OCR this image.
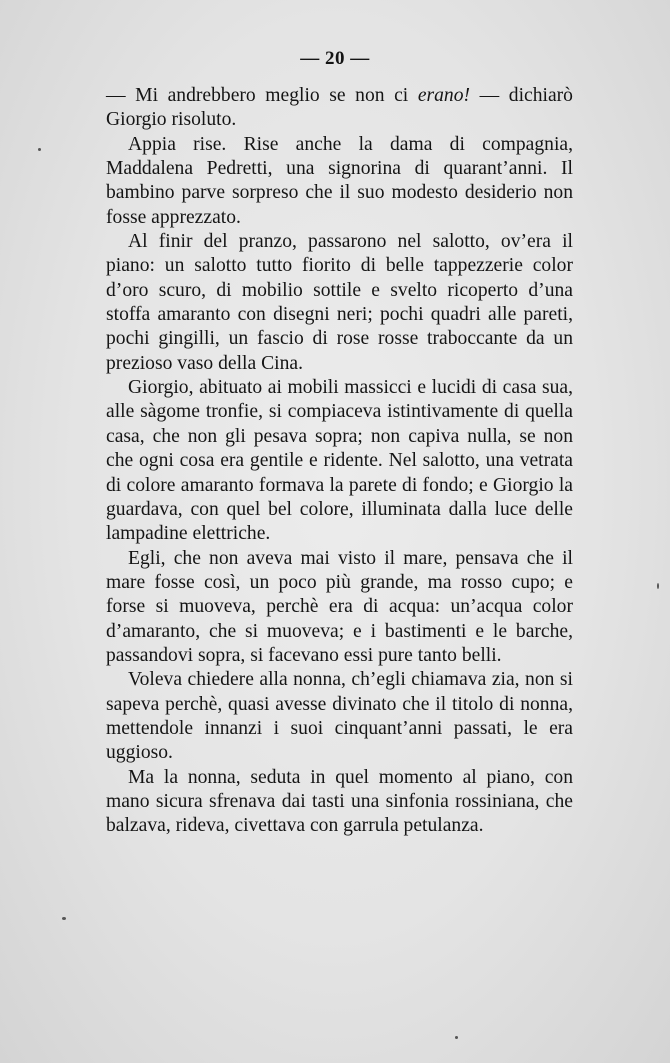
— 20 —

— Mi andrebbero meglio se non ci erano! — dichiarò Giorgio risoluto.

Appia rise. Rise anche la dama di compagnia, Maddalena Pedretti, una signorina di quarant’anni. Il bambino parve sorpreso che il suo modesto desiderio non fosse apprezzato.

Al finir del pranzo, passarono nel salotto, ov’era il piano: un salotto tutto fiorito di belle tappezzerie color d’oro scuro, di mobilio sottile e svelto ricoperto d’una stoffa amaranto con disegni neri; pochi quadri alle pareti, pochi gingilli, un fascio di rose rosse traboccante da un prezioso vaso della Cina.

Giorgio, abituato ai mobili massicci e lucidi di casa sua, alle sàgome tronfie, si compiaceva istintivamente di quella casa, che non gli pesava sopra; non capiva nulla, se non che ogni cosa era gentile e ridente. Nel salotto, una vetrata di colore amaranto formava la parete di fondo; e Giorgio la guardava, con quel bel colore, illuminata dalla luce delle lampadine elettriche.

Egli, che non aveva mai visto il mare, pensava che il mare fosse così, un poco più grande, ma rosso cupo; e forse si muoveva, perchè era di acqua: un’acqua color d’amaranto, che si muoveva; e i bastimenti e le barche, passandovi sopra, si facevano essi pure tanto belli.

Voleva chiedere alla nonna, ch’egli chiamava zia, non si sapeva perchè, quasi avesse divinato che il titolo di nonna, mettendole innanzi i suoi cinquant’anni passati, le era uggioso.

Ma la nonna, seduta in quel momento al piano, con mano sicura sfrenava dai tasti una sinfonia rossiniana, che balzava, rideva, civettava con garrula petulanza.
